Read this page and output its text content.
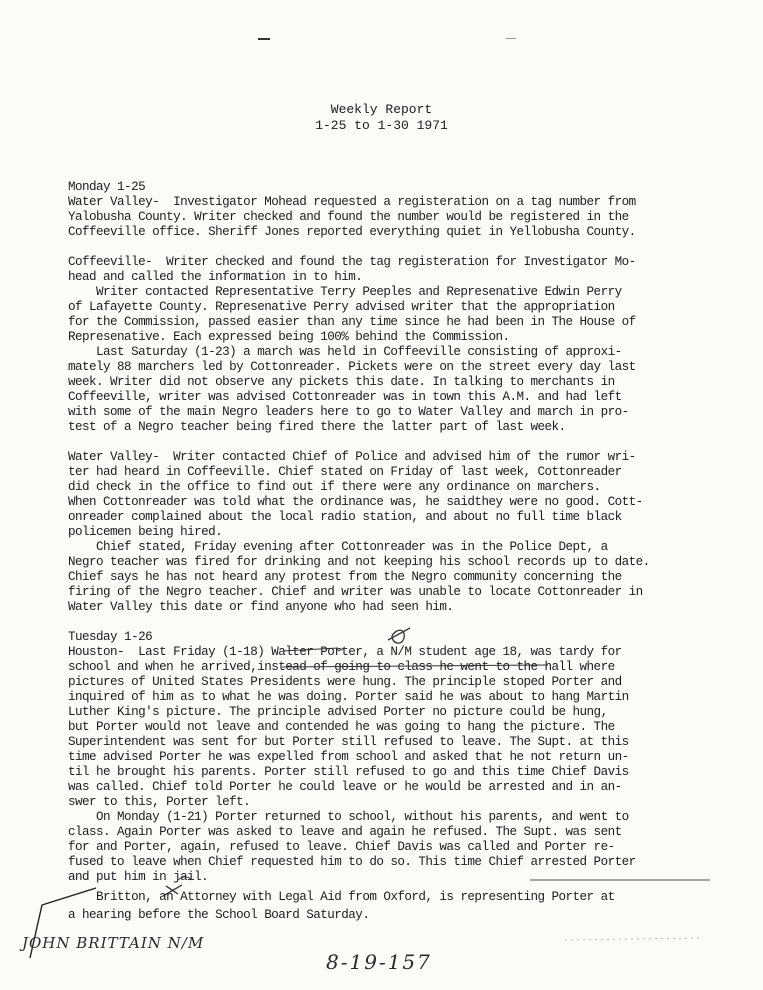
Weekly Report
1-25 to 1-30 1971
Monday 1-25
Water Valley-  Investigator Mohead requested a registeration on a tag number from
Yalobusha County. Writer checked and found the number would be registered in the
Coffeeville office. Sheriff Jones reported everything quiet in Yellobusha County.
Coffeeville-  Writer checked and found the tag registeration for Investigator Mo-
head and called the information in to him.
Writer contacted Representative Terry Peeples and Represenative Edwin Perry
of Lafayette County. Represenative Perry advised writer that the appropriation
for the Commission, passed easier than any time since he had been in The House of
Represenative. Each expressed being 100% behind the Commission.
Last Saturday (1-23) a march was held in Coffeeville consisting of approxi-
mately 88 marchers led by Cottonreader. Pickets were on the street every day last
week. Writer did not observe any pickets this date. In talking to merchants in
Coffeeville, writer was advised Cottonreader was in town this A.M. and had left
with some of the main Negro leaders here to go to Water Valley and march in pro-
test of a Negro teacher being fired there the latter part of last week.
Water Valley-  Writer contacted Chief of Police and advised him of the rumor wri-
ter had heard in Coffeeville. Chief stated on Friday of last week, Cottonreader
did check in the office to find out if there were any ordinance on marchers.
When Cottonreader was told what the ordinance was, he saidthey were no good. Cott-
onreader complained about the local radio station, and about no full time black
policemen being hired.
Chief stated, Friday evening after Cottonreader was in the Police Dept, a
Negro teacher was fired for drinking and not keeping his school records up to date.
Chief says he has not heard any protest from the Negro community concerning the
firing of the Negro teacher. Chief and writer was unable to locate Cottonreader in
Water Valley this date or find anyone who had seen him.
Tuesday 1-26
Houston-  Last Friday (1-18) Walter Porter, a N/M student age 18, was tardy for
school and when he arrived,instead of going to class he went to the hall where
pictures of United States Presidents were hung. The principle stoped Porter and
inquired of him as to what he was doing. Porter said he was about to hang Martin
Luther King's picture. The principle advised Porter no picture could be hung,
but Porter would not leave and contended he was going to hang the picture. The
Superintendent was sent for but Porter still refused to leave. The Supt. at this
time advised Porter he was expelled from school and asked that he not return un-
til he brought his parents. Porter still refused to go and this time Chief Davis
was called. Chief told Porter he could leave or he would be arrested and in an-
swer to this, Porter left.
On Monday (1-21) Porter returned to school, without his parents, and went to
class. Again Porter was asked to leave and again he refused. The Supt. was sent
for and Porter, again, refused to leave. Chief Davis was called and Porter re-
fused to leave when Chief requested him to do so. This time Chief arrested Porter
and put him in jail.
Britton, an Attorney with Legal Aid from Oxford, is representing Porter at
a hearing before the School Board Saturday.
JOHN BRITTAIN N/M
8-19-157
